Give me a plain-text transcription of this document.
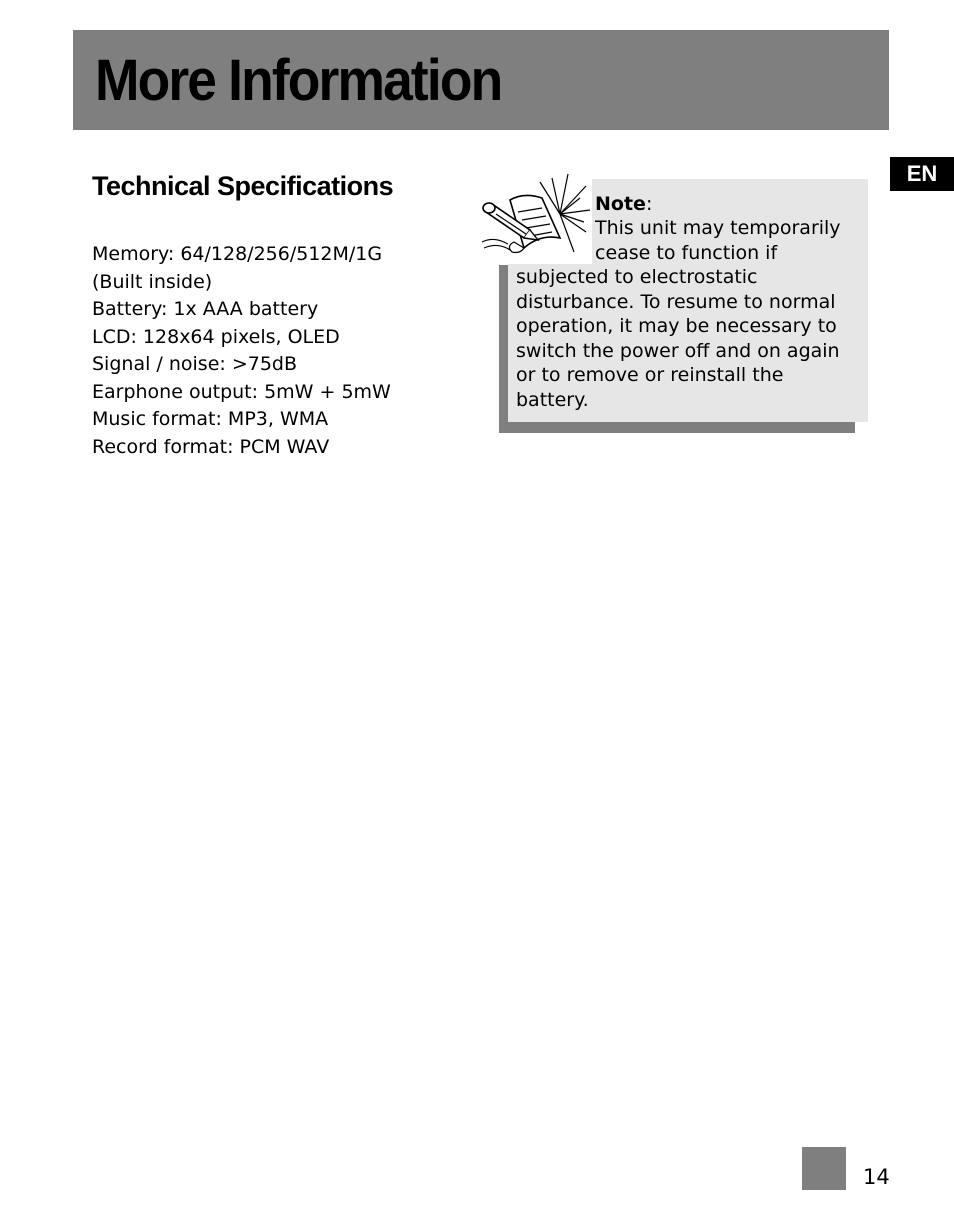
More Information
EN
Technical Specifications
Memory: 64/128/256/512M/1G (Built inside)
Battery: 1x AAA battery
LCD: 128x64 pixels, OLED
Signal / noise: >75dB
Earphone output: 5mW + 5mW
Music format: MP3, WMA
Record format: PCM WAV

Note:

This unit may temporarily cease to function if

subjected to electrostatic disturbance. To resume to normal operation, it may be necessary to switch the power off and on again or to remove or reinstall the battery.

14
